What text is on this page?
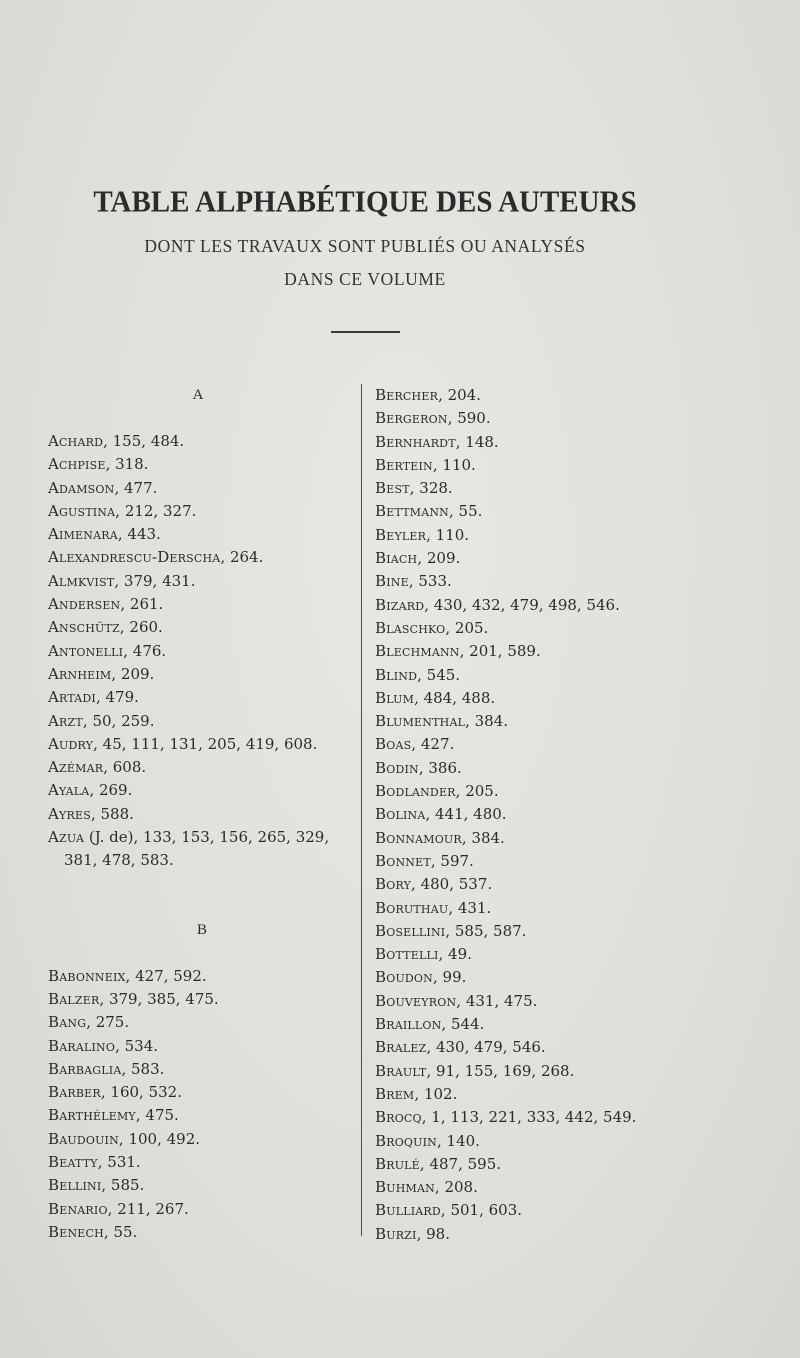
TABLE ALPHABÉTIQUE DES AUTEURS
DONT LES TRAVAUX SONT PUBLIÉS OU ANALYSÉS
DANS CE VOLUME
A
Achard, 155, 484.
Achpise, 318.
Adamson, 477.
Agustina, 212, 327.
Aimenara, 443.
Alexandrescu-Derscha, 264.
Almkvist, 379, 431.
Andersen, 261.
Anschütz, 260.
Antonelli, 476.
Arnheim, 209.
Artadi, 479.
Arzt, 50, 259.
Audry, 45, 111, 131, 205, 419, 608.
Azémar, 608.
Ayala, 269.
Ayres, 588.
Azua (J. de), 133, 153, 156, 265, 329,
381, 478, 583.
B
Babonneix, 427, 592.
Balzer, 379, 385, 475.
Bang, 275.
Baralino, 534.
Barbaglia, 583.
Barber, 160, 532.
Barthélemy, 475.
Baudouin, 100, 492.
Beatty, 531.
Bellini, 585.
Benario, 211, 267.
Benech, 55.
Bercher, 204.
Bergeron, 590.
Bernhardt, 148.
Bertein, 110.
Best, 328.
Bettmann, 55.
Beyler, 110.
Biach, 209.
Bine, 533.
Bizard, 430, 432, 479, 498, 546.
Blaschko, 205.
Blechmann, 201, 589.
Blind, 545.
Blum, 484, 488.
Blumenthal, 384.
Boas, 427.
Bodin, 386.
Bodlander, 205.
Bolina, 441, 480.
Bonnamour, 384.
Bonnet, 597.
Bory, 480, 537.
Boruthau, 431.
Bosellini, 585, 587.
Bottelli, 49.
Boudon, 99.
Bouveyron, 431, 475.
Braillon, 544.
Bralez, 430, 479, 546.
Brault, 91, 155, 169, 268.
Brem, 102.
Brocq, 1, 113, 221, 333, 442, 549.
Broquin, 140.
Brulé, 487, 595.
Buhman, 208.
Bulliard, 501, 603.
Burzi, 98.
